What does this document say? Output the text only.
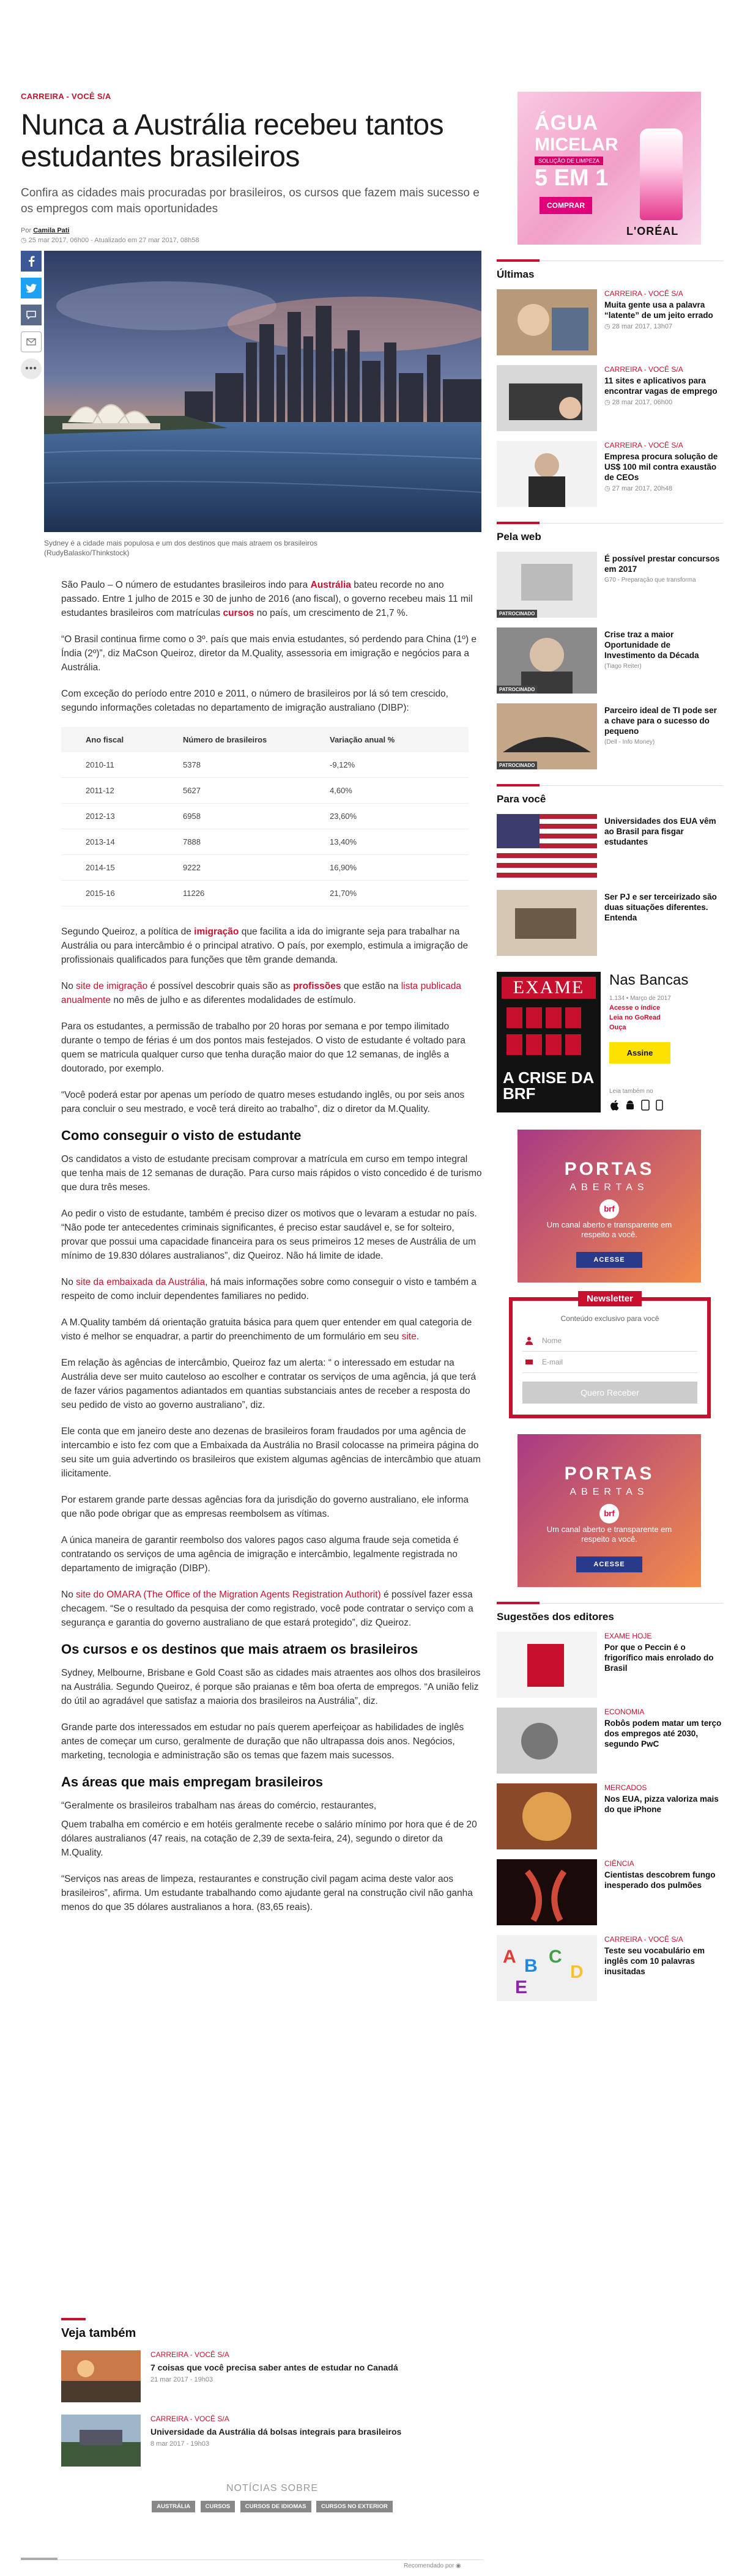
CARREIRA - VOCÊ S/A
Nunca a Austrália recebeu tantos estudantes brasileiros

Confira as cidades mais procuradas por brasileiros, os cursos que fazem mais sucesso e os empregos com mais oportunidades

Por Camila Pati
◷ 25 mar 2017, 06h00 - Atualizado em 27 mar 2017, 08h58
•••

Sydney é a cidade mais populosa e um dos destinos que mais atraem os brasileiros (RudyBalasko/Thinkstock)

São Paulo – O número de estudantes brasileiros indo para Austrália bateu recorde no ano passado. Entre 1 julho de 2015 e 30 de junho de 2016 (ano fiscal), o governo recebeu mais 11 mil estudantes brasileiros com matrículas cursos no país, um crescimento de 21,7 %.

“O Brasil continua firme como o 3º. país que mais envia estudantes, só perdendo para China (1º) e Índia (2º)”, diz MaCson Queiroz, diretor da M.Quality, assessoria em imigração e negócios para a Austrália.

Com exceção do período entre 2010 e 2011, o número de brasileiros por lá só tem crescido, segundo informações coletadas no departamento de imigração australiano (DIBP):

Ano fiscal	Número de brasileiros	Variação anual %
2010-11	5378	-9,12%
2011-12	5627	4,60%
2012-13	6958	23,60%
2013-14	7888	13,40%
2014-15	9222	16,90%
2015-16	11226	21,70%

Segundo Queiroz, a política de imigração que facilita a ida do imigrante seja para trabalhar na Austrália ou para intercâmbio é o principal atrativo. O país, por exemplo, estimula a imigração de profissionais qualificados para funções que têm grande demanda.

No site de imigração é possível descobrir quais são as profissões que estão na lista publicada anualmente no mês de julho e as diferentes modalidades de estímulo.

Para os estudantes, a permissão de trabalho por 20 horas por semana e por tempo ilimitado durante o tempo de férias é um dos pontos mais festejados. O visto de estudante é voltado para quem se matricula qualquer curso que tenha duração maior do que 12 semanas, de inglês a doutorado, por exemplo.

“Você poderá estar por apenas um período de quatro meses estudando inglês, ou por seis anos para concluir o seu mestrado, e você terá direito ao trabalho”, diz o diretor da M.Quality.

Como conseguir o visto de estudante

Os candidatos a visto de estudante precisam comprovar a matrícula em curso em tempo integral que tenha mais de 12 semanas de duração. Para curso mais rápidos o visto concedido é de turismo que dura três meses.

Ao pedir o visto de estudante, também é preciso dizer os motivos que o levaram a estudar no país. “Não pode ter antecedentes criminais significantes, é preciso estar saudável e, se for solteiro, provar que possui uma capacidade financeira para os seus primeiros 12 meses de Austrália de um mínimo de 19.830 dólares australianos”, diz Queiroz. Não há limite de idade.

No site da embaixada da Austrália, há mais informações sobre como conseguir o visto e também a respeito de como incluir dependentes familiares no pedido.

A M.Quality também dá orientação gratuita básica para quem quer entender em qual categoria de visto é melhor se enquadrar, a partir do preenchimento de um formulário em seu site.

Em relação às agências de intercâmbio, Queiroz faz um alerta: “ o interessado em estudar na Austrália deve ser muito cauteloso ao escolher e contratar os serviços de uma agência, já que terá de fazer vários pagamentos adiantados em quantias substanciais antes de receber a resposta do seu pedido de visto ao governo australiano”, diz.

Ele conta que em janeiro deste ano dezenas de brasileiros foram fraudados por uma agência de intercambio e isto fez com que a Embaixada da Austrália no Brasil colocasse na primeira página do seu site um guia advertindo os brasileiros que existem algumas agências de intercâmbio que atuam ilicitamente.

Por estarem grande parte dessas agências fora da jurisdição do governo australiano, ele informa que não pode obrigar que as empresas reembolsem as vítimas.

A única maneira de garantir reembolso dos valores pagos caso alguma fraude seja cometida é contratando os serviços de uma agência de imigração e intercâmbio, legalmente registrada no departamento de imigração (DIBP).

No site do OMARA (The Office of the Migration Agents Registration Authorit) é possível fazer essa checagem. “Se o resultado da pesquisa der como registrado, você pode contratar o serviço com a segurança e garantia do governo australiano de que estará protegido”, diz Queiroz.

Os cursos e os destinos que mais atraem os brasileiros

Sydney, Melbourne, Brisbane e Gold Coast são as cidades mais atraentes aos olhos dos brasileiros na Austrália. Segundo Queiroz, é porque são praianas e têm boa oferta de empregos. “A união feliz do útil ao agradável que satisfaz a maioria dos brasileiros na Austrália”, diz.

Grande parte dos interessados em estudar no país querem aperfeiçoar as habilidades de inglês antes de começar um curso, geralmente de duração que não ultrapassa dois anos. Negócios, marketing, tecnologia e administração são os temas que fazem mais sucessos.

As áreas que mais empregam brasileiros

“Geralmente os brasileiros trabalham nas áreas do comércio, restaurantes,

Quem trabalha em comércio e em hotéis geralmente recebe o salário mínimo por hora que é de 20 dólares australianos (47 reais, na cotação de 2,39 de sexta-feira, 24), segundo o diretor da M.Quality.

“Serviços nas areas de limpeza, restaurantes e construção civil pagam acima deste valor aos brasileiros”, afirma. Um estudante trabalhando como ajudante geral na construção civil não ganha menos do que 35 dólares australianos a hora. (83,65 reais).

Veja também
CARREIRA - VOCÊ S/A
7 coisas que você precisa saber antes de estudar no Canadá
21 mar 2017 - 19h03
CARREIRA - VOCÊ S/A
Universidade da Austrália dá bolsas integrais para brasileiros
8 mar 2017 - 19h03
NOTÍCIAS SOBRE
AUSTRÁLIA	CURSOS	CURSOS DE IDIOMAS	CURSOS NO EXTERIOR
Recomendado por ◉
ÁGUA
MICELAR
SOLUÇÃO DE LIMPEZA
5 EM 1
COMPRAR
L'ORÉAL
Últimas
CARREIRA - VOCÊ S/A
Muita gente usa a palavra “latente” de um jeito errado
◷ 28 mar 2017, 13h07
CARREIRA - VOCÊ S/A
11 sites e aplicativos para encontrar vagas de emprego
◷ 28 mar 2017, 06h00
CARREIRA - VOCÊ S/A
Empresa procura solução de US$ 100 mil contra exaustão de CEOs
◷ 27 mar 2017, 20h48
Pela web
PATROCINADO
É possível prestar concursos em 2017
G70 - Preparação que transforma
PATROCINADO
Crise traz a maior Oportunidade de Investimento da Década
(Tiago Reiter)
PATROCINADO
Parceiro ideal de TI pode ser a chave para o sucesso do pequeno
(Dell - Info Money)
Para você
Universidades dos EUA vêm ao Brasil para fisgar estudantes
Ser PJ e ser terceirizado são duas situações diferentes. Entenda
EXAME
A CRISE DA BRF
Nas Bancas
1.134 • Março de 2017
Acesse o índice
Leia no GoRead
Ouça
Assine
Leia também no
PORTAS
ABERTAS
brf
Um canal aberto e transparente em respeito a você.
ACESSE
Newsletter
Conteúdo exclusivo para você
Nome
E-mail
Quero Receber
PORTAS
ABERTAS
brf
Um canal aberto e transparente em respeito a você.
ACESSE
Sugestões dos editores
EXAME HOJE
Por que o Peccin é o frigorífico mais enrolado do Brasil
ECONOMIA
Robôs podem matar um terço dos empregos até 2030, segundo PwC
MERCADOS
Nos EUA, pizza valoriza mais do que iPhone
CIÊNCIA
Cientistas descobrem fungo inesperado dos pulmões
A B C
D
E
CARREIRA - VOCÊ S/A
Teste seu vocabulário em inglês com 10 palavras inusitadas
